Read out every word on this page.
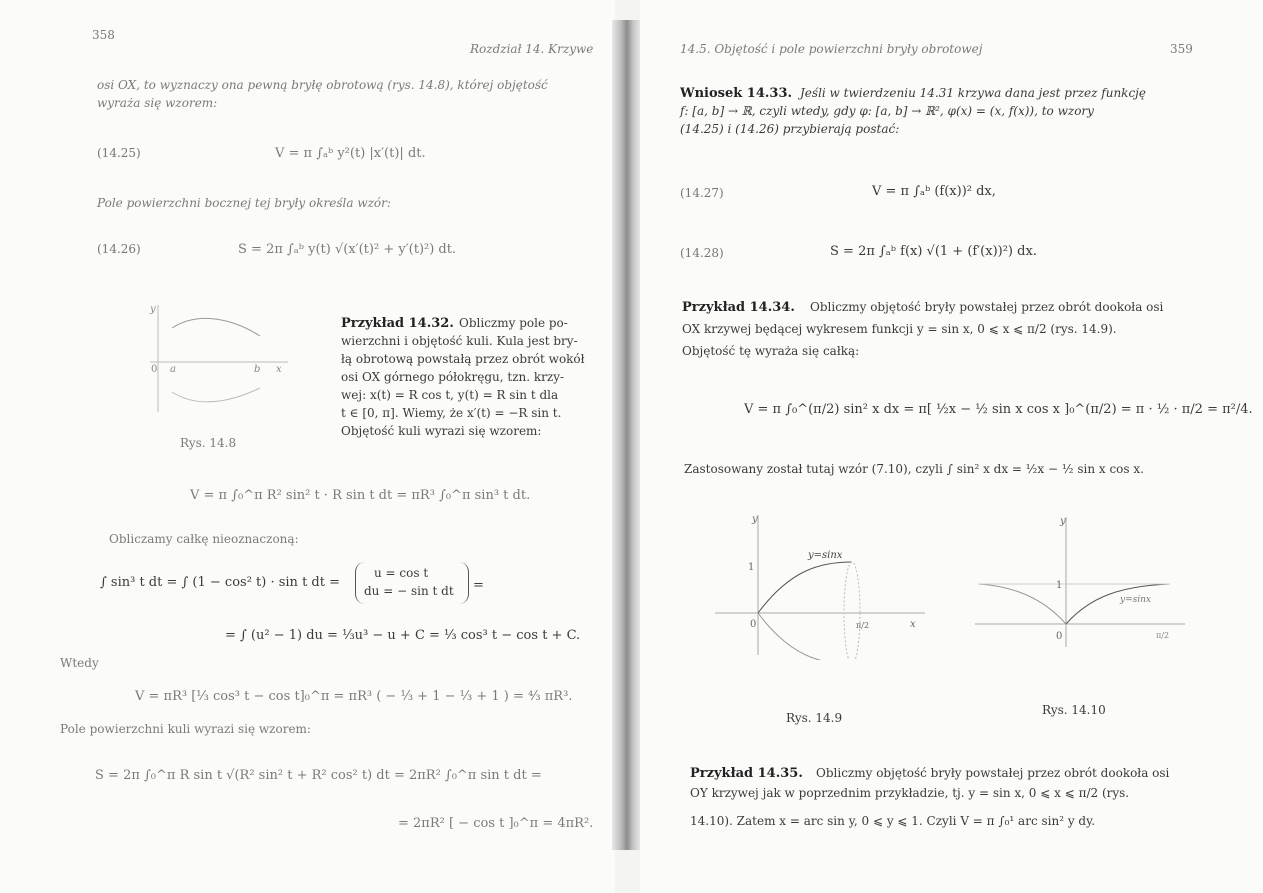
358
Rozdział 14. Krzywe
osi OX, to wyznaczy ona pewną bryłę obrotową (rys. 14.8), której objętość
wyraża się wzorem:
(14.25)	V = π ∫ₐᵇ y²(t) |x′(t)| dt.
Pole powierzchni bocznej tej bryły określa wzór:
(14.26)	S = 2π ∫ₐᵇ y(t) √(x′(t)² + y′(t)²) dt.
y
0 a	b x
Rys. 14.8
Przykład 14.32. Obliczmy pole po-
wierzchni i objętość kuli. Kula jest bry-
łą obrotową powstałą przez obrót wokół
osi OX górnego półokręgu, tzn. krzy-
wej: x(t) = R cos t, y(t) = R sin t dla
t ∈ [0, π]. Wiemy, że x′(t) = −R sin t.
Objętość kuli wyrazi się wzorem:
V = π ∫₀^π R² sin² t · R sin t dt = πR³ ∫₀^π sin³ t dt.
Obliczamy całkę nieoznaczoną:
∫ sin³ t dt = ∫ (1 − cos² t) · sin t dt =
u = cos t
du = − sin t dt =
= ∫ (u² − 1) du = ⅓u³ − u + C = ⅓ cos³ t − cos t + C.
Wtedy
V = πR³ [⅓ cos³ t − cos t]₀^π = πR³ ( − ⅓ + 1 − ⅓ + 1 ) = ⁴⁄₃ πR³.
Pole powierzchni kuli wyrazi się wzorem:
S = 2π ∫₀^π R sin t √(R² sin² t + R² cos² t) dt = 2πR² ∫₀^π sin t dt =
= 2πR² [ − cos t ]₀^π = 4πR².
14.5. Objętość i pole powierzchni bryły obrotowej	359
Wniosek 14.33. Jeśli w twierdzeniu 14.31 krzywa dana jest przez funkcję
f: [a, b] → ℝ, czyli wtedy, gdy φ: [a, b] → ℝ², φ(x) = (x, f(x)), to wzory
(14.25) i (14.26) przybierają postać:
(14.27)	V = π ∫ₐᵇ (f(x))² dx,
(14.28)	S = 2π ∫ₐᵇ f(x) √(1 + (f′(x))²) dx.
Przykład 14.34. Obliczmy objętość bryły powstałej przez obrót dookoła osi
OX krzywej będącej wykresem funkcji y = sin x, 0 ⩽ x ⩽ π/2 (rys. 14.9).
Objętość tę wyraża się całką:
V = π ∫₀^(π/2) sin² x dx = π[ ½x − ½ sin x cos x ]₀^(π/2) = π · ½ · π/2 = π²/4.
Zastosowany został tutaj wzór (7.10), czyli ∫ sin² x dx = ½x − ½ sin x cos x.
y
1
0
y=sinx
π/2	x
Rys. 14.9
y
1
0
y=sinx
π/2
Rys. 14.10
Przykład 14.35. Obliczmy objętość bryły powstałej przez obrót dookoła osi
OY krzywej jak w poprzednim przykładzie, tj. y = sin x, 0 ⩽ x ⩽ π/2 (rys.
14.10). Zatem x = arc sin y, 0 ⩽ y ⩽ 1. Czyli V = π ∫₀¹ arc sin² y dy.
